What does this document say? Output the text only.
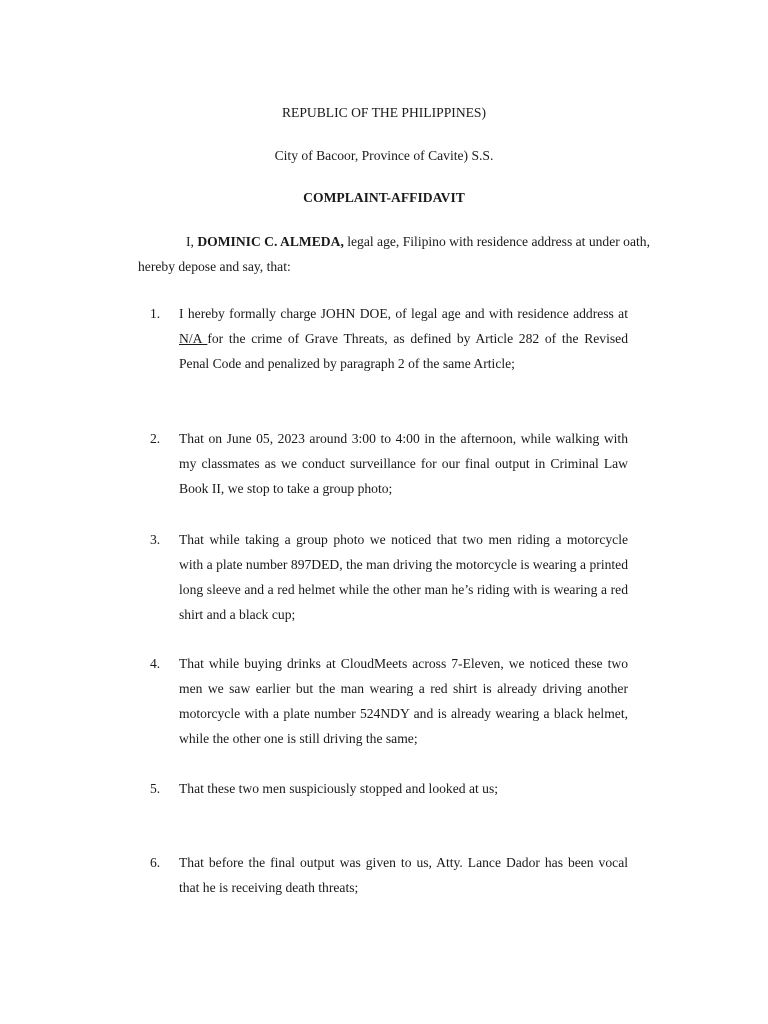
REPUBLIC OF THE PHILIPPINES)
City of Bacoor, Province of Cavite) S.S.
COMPLAINT-AFFIDAVIT
I, DOMINIC C. ALMEDA, legal age, Filipino with residence address at under oath, hereby depose and say, that:
1.	I hereby formally charge JOHN DOE, of legal age and with residence address at N/A for the crime of Grave Threats, as defined by Article 282 of the Revised Penal Code and penalized by paragraph 2 of the same Article;
2.	That on June 05, 2023 around 3:00 to 4:00 in the afternoon, while walking with my classmates as we conduct surveillance for our final output in Criminal Law Book II, we stop to take a group photo;
3.	That while taking a group photo we noticed that two men riding a motorcycle with a plate number 897DED, the man driving the motorcycle is wearing a printed long sleeve and a red helmet while the other man he’s riding with is wearing a red shirt and a black cup;
4.	That while buying drinks at CloudMeets across 7-Eleven, we noticed these two men we saw earlier but the man wearing a red shirt is already driving another motorcycle with a plate number 524NDY and is already wearing a black helmet, while the other one is still driving the same;
5.	That these two men suspiciously stopped and looked at us;
6.	That before the final output was given to us, Atty. Lance Dador has been vocal that he is receiving death threats;
